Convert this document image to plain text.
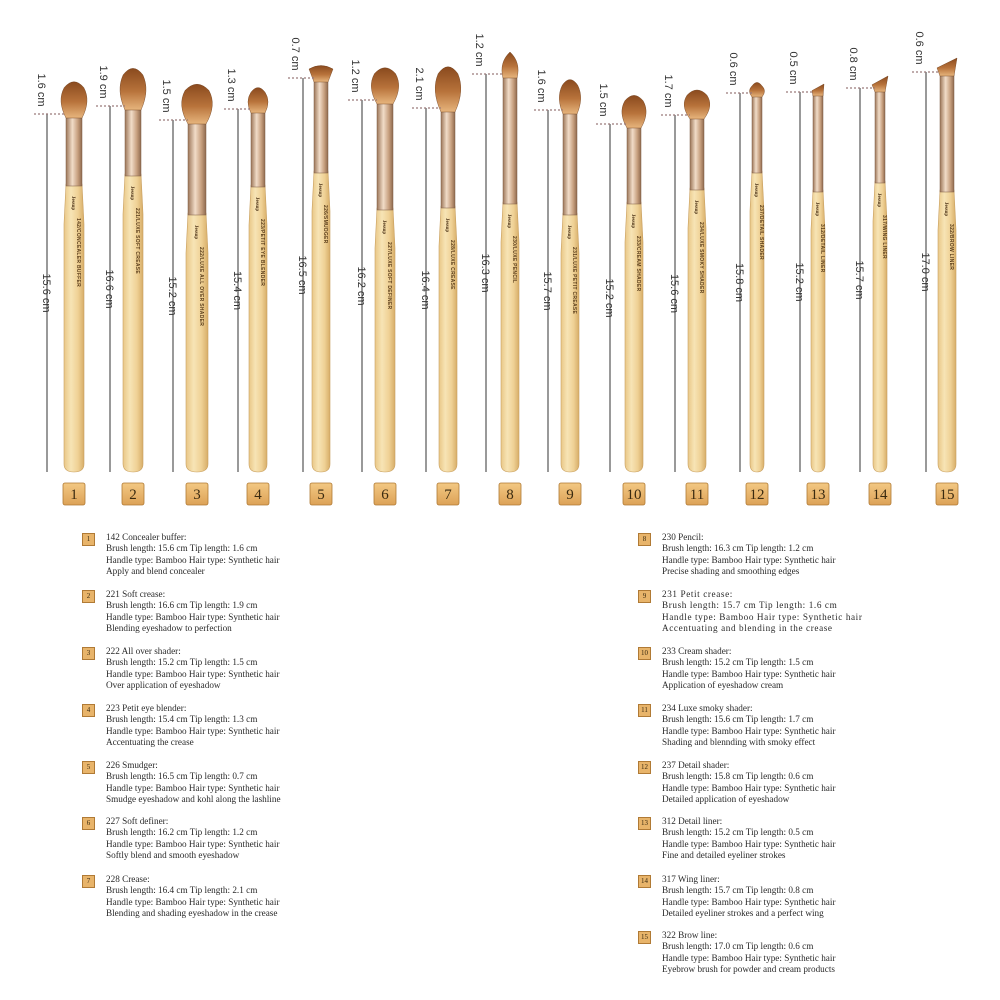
Jessup
142/CONCEALER BUFFER
15.6 cm
1.6 cm
1
Jessup
221/LUXE SOFT CREASE
16.6 cm
1.9 cm
2
Jessup
222/LUXE ALL OVER SHADER
15.2 cm
1.5 cm
3
Jessup
223/PETIT EYE BLENDER
15.4 cm
1.3 cm
4
Jessup
226/SMUDGER
16.5 cm
0.7 cm
5
Jessup
227/LUXE SOFT DEFINER
16.2 cm
1.2 cm
6
Jessup
228/LUXE CREASE
16.4 cm
2.1 cm
7
Jessup
230/LUXE PENCIL
16.3 cm
1.2 cm
8
Jessup
231/LUXE PETIT CREASE
15.7 cm
1.6 cm
9
Jessup
233/CREAM SHADER
15.2 cm
1.5 cm
10
Jessup
234/LUXE SMOKY SHADER
15.6 cm
1.7 cm
11
Jessup
237/DETAIL SHADER
15.8 cm
0.6 cm
12
Jessup
312/DETAIL LINER
15.2 cm
0.5 cm
13
Jessup
317/WING LINER
15.7 cm
0.8 cm
14
Jessup
322/BROW LINER
17.0 cm
0.6 cm
15
1	142 Concealer buffer:
Brush length: 15.6 cm Tip length: 1.6 cm
Handle type: Bamboo Hair type: Synthetic hair
Apply and blend concealer
2	221 Soft crease:
Brush length: 16.6 cm Tip length: 1.9 cm
Handle type: Bamboo Hair type: Synthetic hair
Blending eyeshadow to perfection
3	222 All over shader:
Brush length: 15.2 cm Tip length: 1.5 cm
Handle type: Bamboo Hair type: Synthetic hair
Over application of eyeshadow
4	223 Petit eye blender:
Brush length: 15.4 cm Tip length: 1.3 cm
Handle type: Bamboo Hair type: Synthetic hair
Accentuating the crease
5	226 Smudger:
Brush length: 16.5 cm Tip length: 0.7 cm
Handle type: Bamboo Hair type: Synthetic hair
Smudge eyeshadow and kohl along the lashline
6	227 Soft definer:
Brush length: 16.2 cm Tip length: 1.2 cm
Handle type: Bamboo Hair type: Synthetic hair
Softly blend and smooth eyeshadow
7	228 Crease:
Brush length: 16.4 cm Tip length: 2.1 cm
Handle type: Bamboo Hair type: Synthetic hair
Blending and shading eyeshadow in the crease
8	230 Pencil:
Brush length: 16.3 cm Tip length: 1.2 cm
Handle type: Bamboo Hair type: Synthetic hair
Precise shading and smoothing edges
9	231 Petit crease:
Brush length: 15.7 cm Tip length: 1.6 cm
Handle type: Bamboo Hair type: Synthetic hair
Accentuating and blending in the crease
10	233 Cream shader:
Brush length: 15.2 cm Tip length: 1.5 cm
Handle type: Bamboo Hair type: Synthetic hair
Application of eyeshadow cream
11	234 Luxe smoky shader:
Brush length: 15.6 cm Tip length: 1.7 cm
Handle type: Bamboo Hair type: Synthetic hair
Shading and blennding with smoky effect
12	237 Detail shader:
Brush length: 15.8 cm Tip length: 0.6 cm
Handle type: Bamboo Hair type: Synthetic hair
Detailed application of eyeshadow
13	312 Detail liner:
Brush length: 15.2 cm Tip length: 0.5 cm
Handle type: Bamboo Hair type: Synthetic hair
Fine and detailed eyeliner strokes
14	317 Wing liner:
Brush length: 15.7 cm Tip length: 0.8 cm
Handle type: Bamboo Hair type: Synthetic hair
Detailed eyeliner strokes and a perfect wing
15	322 Brow line:
Brush length: 17.0 cm Tip length: 0.6 cm
Handle type: Bamboo Hair type: Synthetic hair
Eyebrow brush for powder and cream products
